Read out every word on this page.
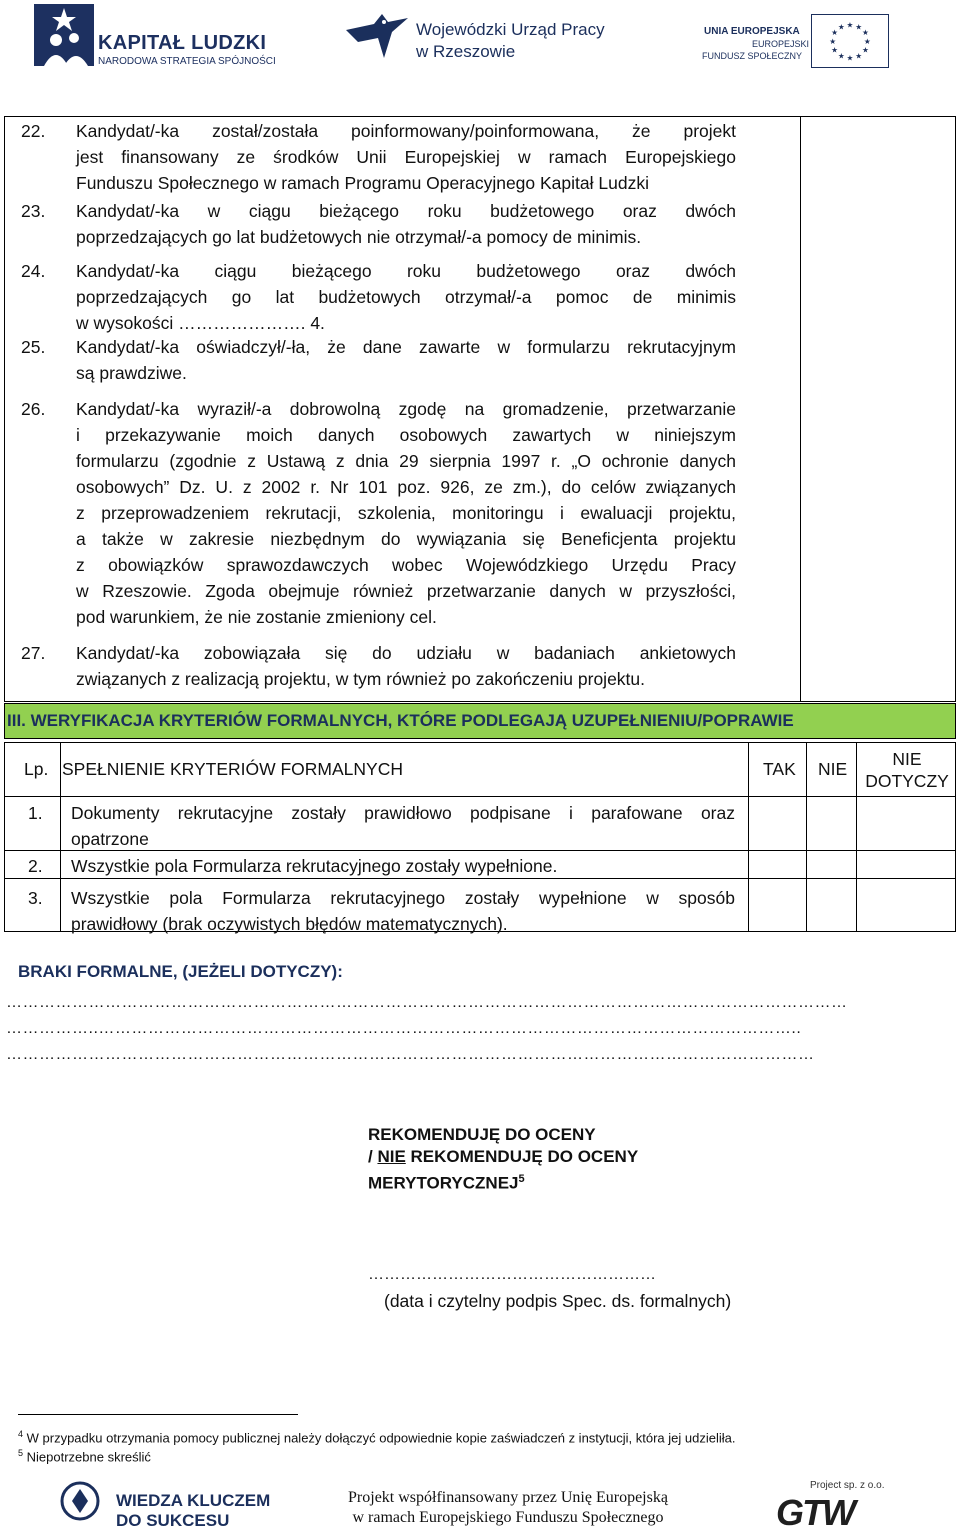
KAPITAŁ LUDZKI
NARODOWA STRATEGIA SPÓJNOŚCI
Wojewódzki Urząd Pracy
w Rzeszowie
UNIA EUROPEJSKA
EUROPEJSKI
FUNDUSZ SPOŁECZNY
★ ★
★
★
★
★
★
★
★
★
★
★
22. Kandydat/-ka został/została poinformowany/poinformowana, że projekt

jest finansowany ze środków Unii Europejskiej w ramach Europejskiego

Funduszu Społecznego w ramach Programu Operacyjnego Kapitał Ludzki

23. Kandydat/-ka w ciągu bieżącego roku budżetowego oraz dwóch

poprzedzających go lat budżetowych nie otrzymał/-a pomocy de minimis.

24. Kandydat/-ka ciągu bieżącego roku budżetowego oraz dwóch

poprzedzających go lat budżetowych otrzymał/-a pomoc de minimis

w wysokości …………………. 4.

25. Kandydat/-ka oświadczył/-ła, że dane zawarte w formularzu rekrutacyjnym

są prawdziwe.

26. Kandydat/-ka wyraził/-a dobrowolną zgodę na gromadzenie, przetwarzanie

i przekazywanie moich danych osobowych zawartych w niniejszym

formularzu (zgodnie z Ustawą z dnia 29 sierpnia 1997 r. „O ochronie danych

osobowych” Dz. U. z 2002 r. Nr 101 poz. 926, ze zm.), do celów związanych

z przeprowadzeniem rekrutacji, szkolenia, monitoringu i ewaluacji projektu,

a także w zakresie niezbędnym do wywiązania się Beneficjenta projektu

z obowiązków sprawozdawczych wobec Wojewódzkiego Urzędu Pracy

w Rzeszowie. Zgoda obejmuje również przetwarzanie danych w przyszłości,

pod warunkiem, że nie zostanie zmieniony cel.

27. Kandydat/-ka zobowiązała się do udziału w badaniach ankietowych

związanych z realizacją projektu, w tym również po zakończeniu projektu.

III. WERYFIKACJA KRYTERIÓW FORMALNYCH, KTÓRE PODLEGAJĄ UZUPEŁNIENIU/POPRAWIE
Lp. SPEŁNIENIE KRYTERIÓW FORMALNYCH	TAK NIE	NIE
DOTYCZY
1. Dokumenty rekrutacyjne zostały prawidłowo podpisane i parafowane oraz
opatrzone
2. Wszystkie pola Formularza rekrutacyjnego zostały wypełnione.
3. Wszystkie pola Formularza rekrutacyjnego zostały wypełnione w sposób
prawidłowy (brak oczywistych błędów matematycznych).
BRAKI FORMALNE, (JEŻELI DOTYCZY):
………………………………………………………………………………………………………………………………………
……………..………………………………………………………………………………………………………………..
…………………………………………………………………………………………………………………………………
REKOMENDUJĘ DO OCENY
/ NIE REKOMENDUJĘ DO OCENY
MERYTORYCZNEJ$^5$
………………………………………………
(data i czytelny podpis Spec. ds. formalnych)
$^4$ W przypadku otrzymania pomocy publicznej należy dołączyć odpowiednie kopie zaświadczeń z instytucji, która jej udzieliła.
$^5$ Niepotrzebne skreślić
WIEDZA KLUCZEM
DO SUKCESU
Projekt współfinansowany przez Unię Europejską
w ramach Europejskiego Funduszu Społecznego
Project sp. z o.o.
GTW
